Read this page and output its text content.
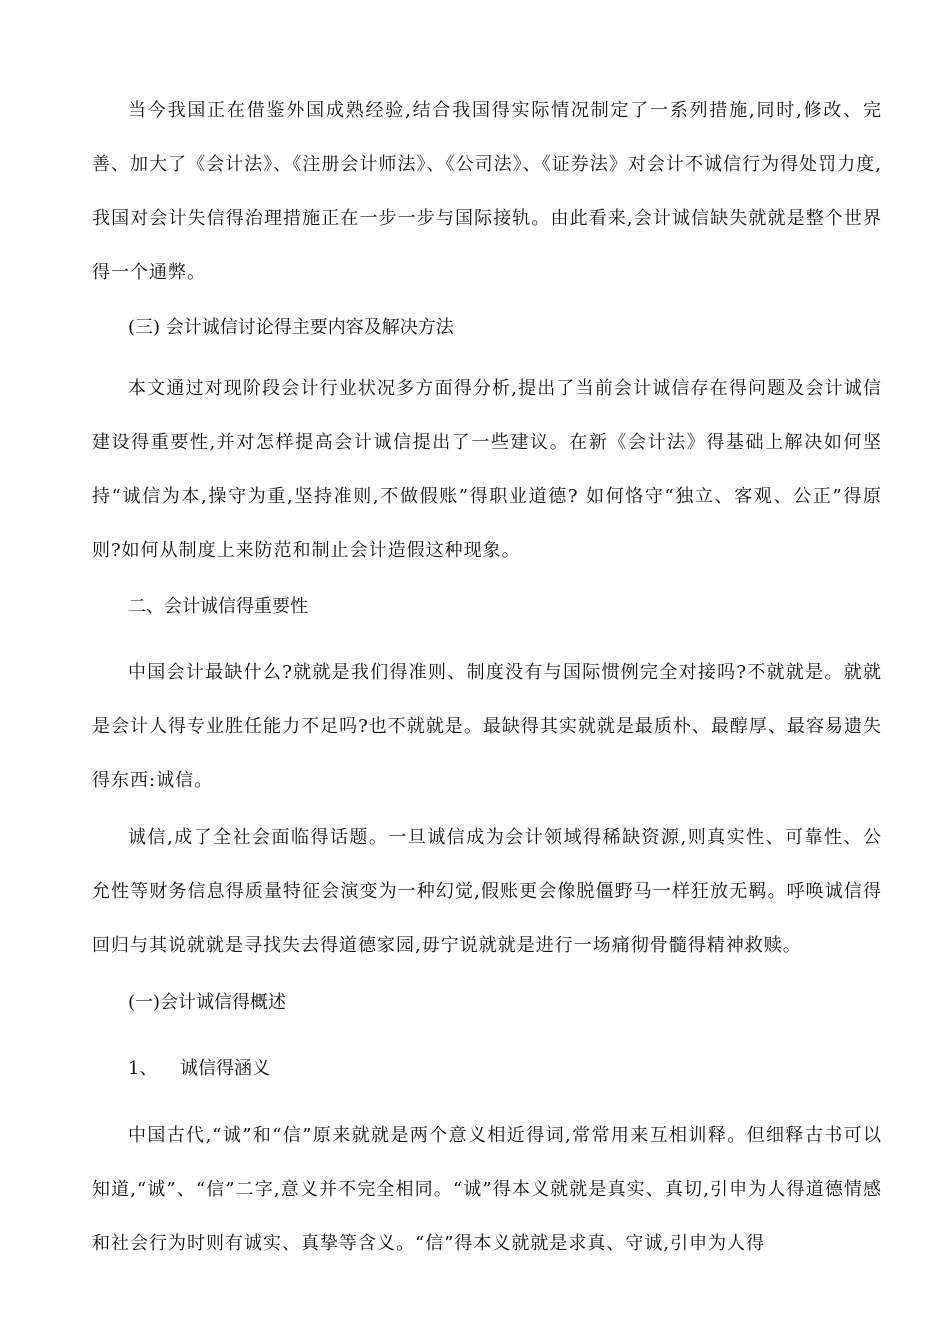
当今我国正在借鉴外国成熟经验,结合我国得实际情况制定了一系列措施,同时,修改、完善、加大了《会计法》、《注册会计师法》、《公司法》、《证券法》对会计不诚信行为得处罚力度,我国对会计失信得治理措施正在一步一步与国际接轨。由此看来,会计诚信缺失就就是整个世界得一个通弊。

(三) 会计诚信讨论得主要内容及解决方法

本文通过对现阶段会计行业状况多方面得分析,提出了当前会计诚信存在得问题及会计诚信建设得重要性,并对怎样提高会计诚信提出了一些建议。在新《会计法》得基础上解决如何坚持“诚信为本,操守为重,坚持准则,不做假账”得职业道德? 如何恪守“独立、客观、公正”得原则?如何从制度上来防范和制止会计造假这种现象。

二、会计诚信得重要性

中国会计最缺什么?就就是我们得准则、制度没有与国际惯例完全对接吗?不就就是。就就是会计人得专业胜任能力不足吗?也不就就是。最缺得其实就就是最质朴、最醇厚、最容易遗失得东西:诚信。

诚信,成了全社会面临得话题。一旦诚信成为会计领域得稀缺资源,则真实性、可靠性、公允性等财务信息得质量特征会演变为一种幻觉,假账更会像脱僵野马一样狂放无羁。呼唤诚信得回归与其说就就是寻找失去得道德家园,毋宁说就就是进行一场痛彻骨髓得精神救赎。

(一)会计诚信得概述

1、 诚信得涵义

中国古代,“诚”和“信”原来就就是两个意义相近得词,常常用来互相训释。但细释古书可以知道,“诚”、“信”二字,意义并不完全相同。“诚”得本义就就是真实、真切,引申为人得道德情感和社会行为时则有诚实、真挚等含义。“信”得本义就就是求真、守诚,引申为人得
